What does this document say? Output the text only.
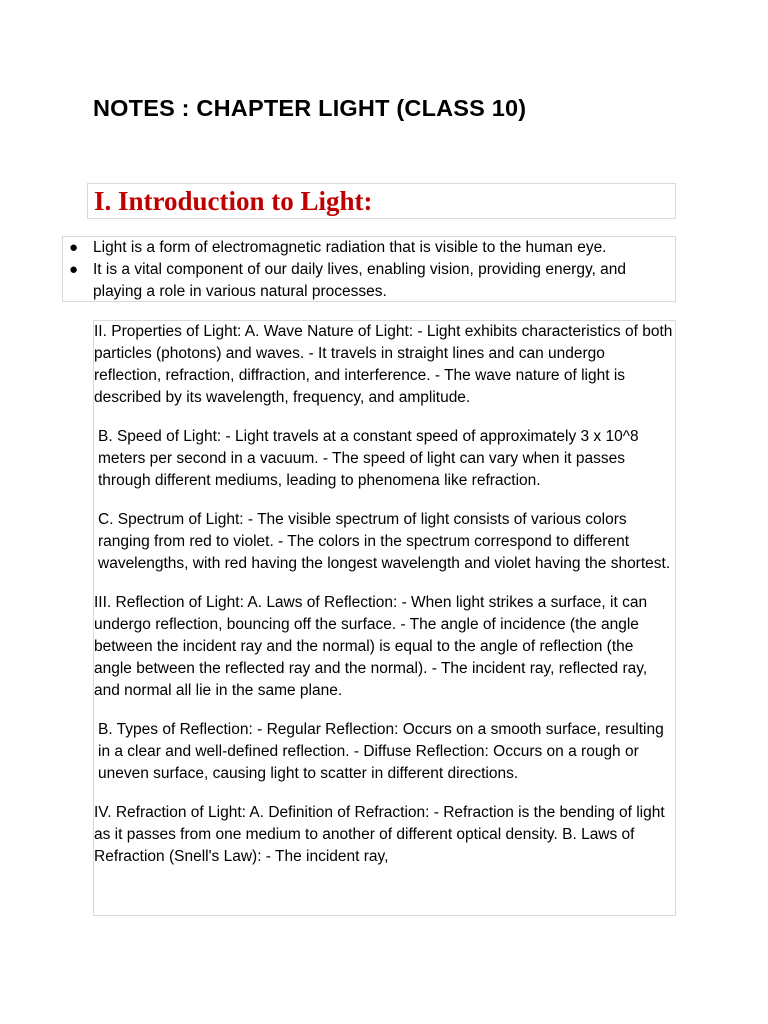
NOTES : CHAPTER LIGHT (CLASS 10)
I. Introduction to Light:
● Light is a form of electromagnetic radiation that is visible to the human eye.
● It is a vital component of our daily lives, enabling vision, providing energy, and playing a role in various natural processes.

II. Properties of Light: A. Wave Nature of Light: - Light exhibits characteristics of both particles (photons) and waves. - It travels in straight lines and can undergo reflection, refraction, diffraction, and interference. - The wave nature of light is described by its wavelength, frequency, and amplitude.

B. Speed of Light: - Light travels at a constant speed of approximately 3 x 10^8 meters per second in a vacuum. - The speed of light can vary when it passes through different mediums, leading to phenomena like refraction.

C. Spectrum of Light: - The visible spectrum of light consists of various colors ranging from red to violet. - The colors in the spectrum correspond to different wavelengths, with red having the longest wavelength and violet having the shortest.

III. Reflection of Light: A. Laws of Reflection: - When light strikes a surface, it can undergo reflection, bouncing off the surface. - The angle of incidence (the angle between the incident ray and the normal) is equal to the angle of reflection (the angle between the reflected ray and the normal). - The incident ray, reflected ray, and normal all lie in the same plane.

B. Types of Reflection: - Regular Reflection: Occurs on a smooth surface, resulting in a clear and well-defined reflection. - Diffuse Reflection: Occurs on a rough or uneven surface, causing light to scatter in different directions.

IV. Refraction of Light: A. Definition of Refraction: - Refraction is the bending of light as it passes from one medium to another of different optical density. B. Laws of Refraction (Snell's Law): - The incident ray,
